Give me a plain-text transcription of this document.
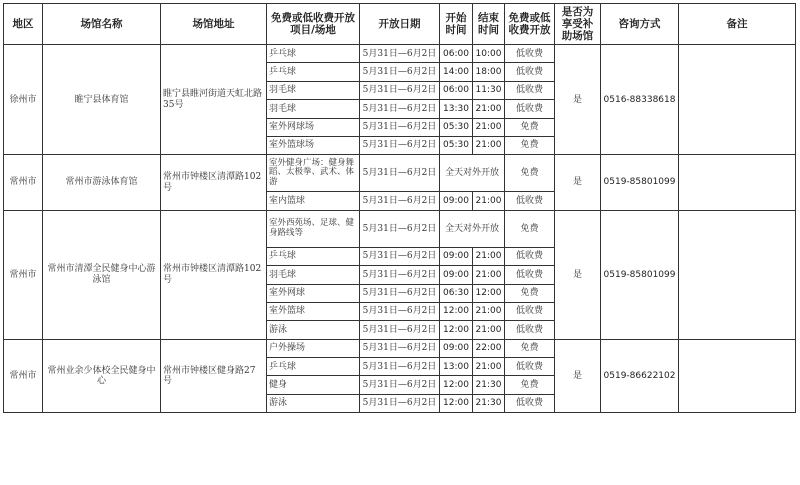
地区	场馆名称	场馆地址	免费或低收费开放项目/场地	开放日期	开始时间	结束时间	免费或低收费开放	是否为享受补助场馆	咨询方式	备注
徐州市	睢宁县体育馆	睢宁县睢河街道天虹北路35号	乒乓球	5月31日—6月2日	06:00	10:00	低收费	是	0516-88338618	
			乒乓球	5月31日—6月2日	14:00	18:00	低收费			
			羽毛球	5月31日—6月2日	06:00	11:30	低收费			
			羽毛球	5月31日—6月2日	13:30	21:00	低收费			
			室外网球场	5月31日—6月2日	05:30	21:00	免费			
			室外篮球场	5月31日—6月2日	05:30	21:00	免费			
常州市	常州市游泳体育馆	常州市钟楼区清潭路102号	室外健身广场：健身舞蹈、太极拳、武术、体游	5月31日—6月2日	全天对外开放		免费	是	0519-85801099	
			室内篮球	5月31日—6月2日	09:00	21:00	低收费			
常州市	常州市清潭全民健身中心游泳馆	常州市钟楼区清潭路102号	室外西苑场、足球、健身路线等	5月31日—6月2日	全天对外开放		免费	是	0519-85801099	
			乒乓球	5月31日—6月2日	09:00	21:00	低收费			
			羽毛球	5月31日—6月2日	09:00	21:00	低收费			
			室外网球	5月31日—6月2日	06:30	12:00	免费			
			室外篮球	5月31日—6月2日	12:00	21:00	低收费			
			游泳	5月31日—6月2日	12:00	21:00	低收费			
常州市	常州业余少体校全民健身中心	常州市钟楼区健身路27号	户外操场	5月31日—6月2日	09:00	22:00	免费	是	0519-86622102	
			乒乓球	5月31日—6月2日	13:00	21:00	低收费			
			健身	5月31日—6月2日	12:00	21:30	免费			
			游泳	5月31日—6月2日	12:00	21:30	低收费			
